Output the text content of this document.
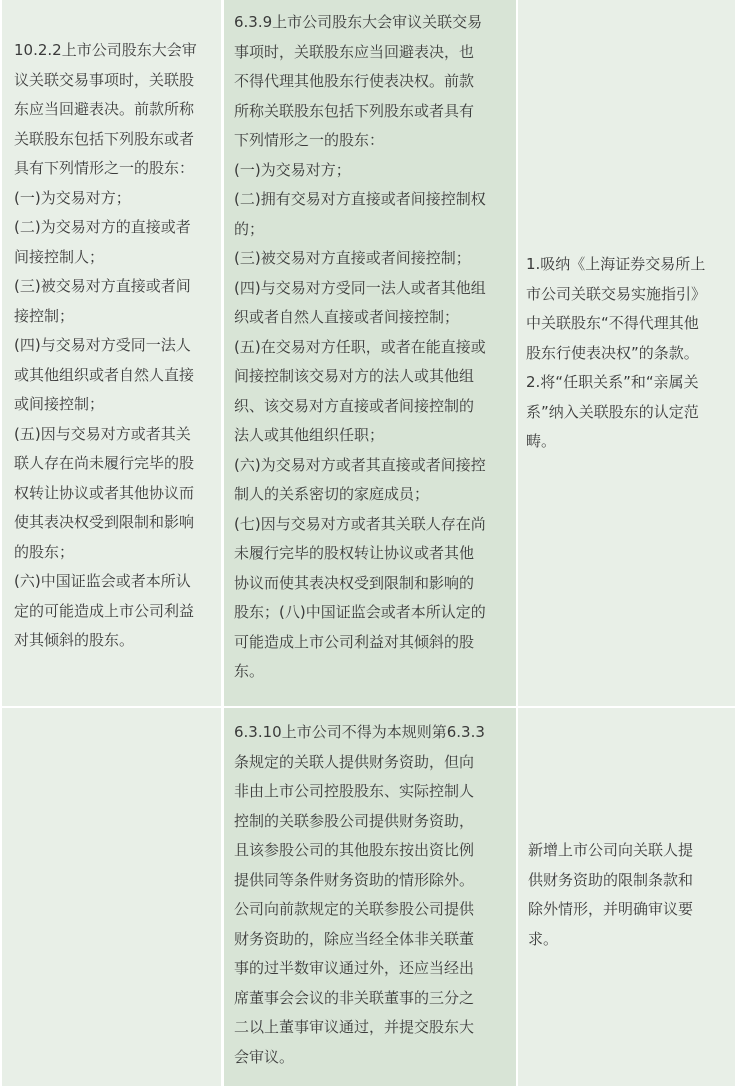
10.2.2上市公司股东大会审
议关联交易事项时，关联股
东应当回避表决。前款所称
关联股东包括下列股东或者
具有下列情形之一的股东：
(一)为交易对方；
(二)为交易对方的直接或者
间接控制人；
(三)被交易对方直接或者间
接控制；
(四)与交易对方受同一法人
或其他组织或者自然人直接
或间接控制；
(五)因与交易对方或者其关
联人存在尚未履行完毕的股
权转让协议或者其他协议而
使其表决权受到限制和影响
的股东；
(六)中国证监会或者本所认
定的可能造成上市公司利益
对其倾斜的股东。
6.3.9上市公司股东大会审议关联交易
事项时，关联股东应当回避表决，也
不得代理其他股东行使表决权。前款
所称关联股东包括下列股东或者具有
下列情形之一的股东：
(一)为交易对方；
(二)拥有交易对方直接或者间接控制权
的；
(三)被交易对方直接或者间接控制；
(四)与交易对方受同一法人或者其他组
织或者自然人直接或者间接控制；
(五)在交易对方任职，或者在能直接或
间接控制该交易对方的法人或其他组
织、该交易对方直接或者间接控制的
法人或其他组织任职；
(六)为交易对方或者其直接或者间接控
制人的关系密切的家庭成员；
(七)因与交易对方或者其关联人存在尚
未履行完毕的股权转让协议或者其他
协议而使其表决权受到限制和影响的
股东；(八)中国证监会或者本所认定的
可能造成上市公司利益对其倾斜的股
东。
1.吸纳《上海证券交易所上
市公司关联交易实施指引》
中关联股东“不得代理其他
股东行使表决权”的条款。
2.将“任职关系”和“亲属关
系”纳入关联股东的认定范
畴。
6.3.10上市公司不得为本规则第6.3.3
条规定的关联人提供财务资助，但向
非由上市公司控股股东、实际控制人
控制的关联参股公司提供财务资助，
且该参股公司的其他股东按出资比例
提供同等条件财务资助的情形除外。
公司向前款规定的关联参股公司提供
财务资助的，除应当经全体非关联董
事的过半数审议通过外，还应当经出
席董事会会议的非关联董事的三分之
二以上董事审议通过，并提交股东大
会审议。
新增上市公司向关联人提
供财务资助的限制条款和
除外情形，并明确审议要
求。
